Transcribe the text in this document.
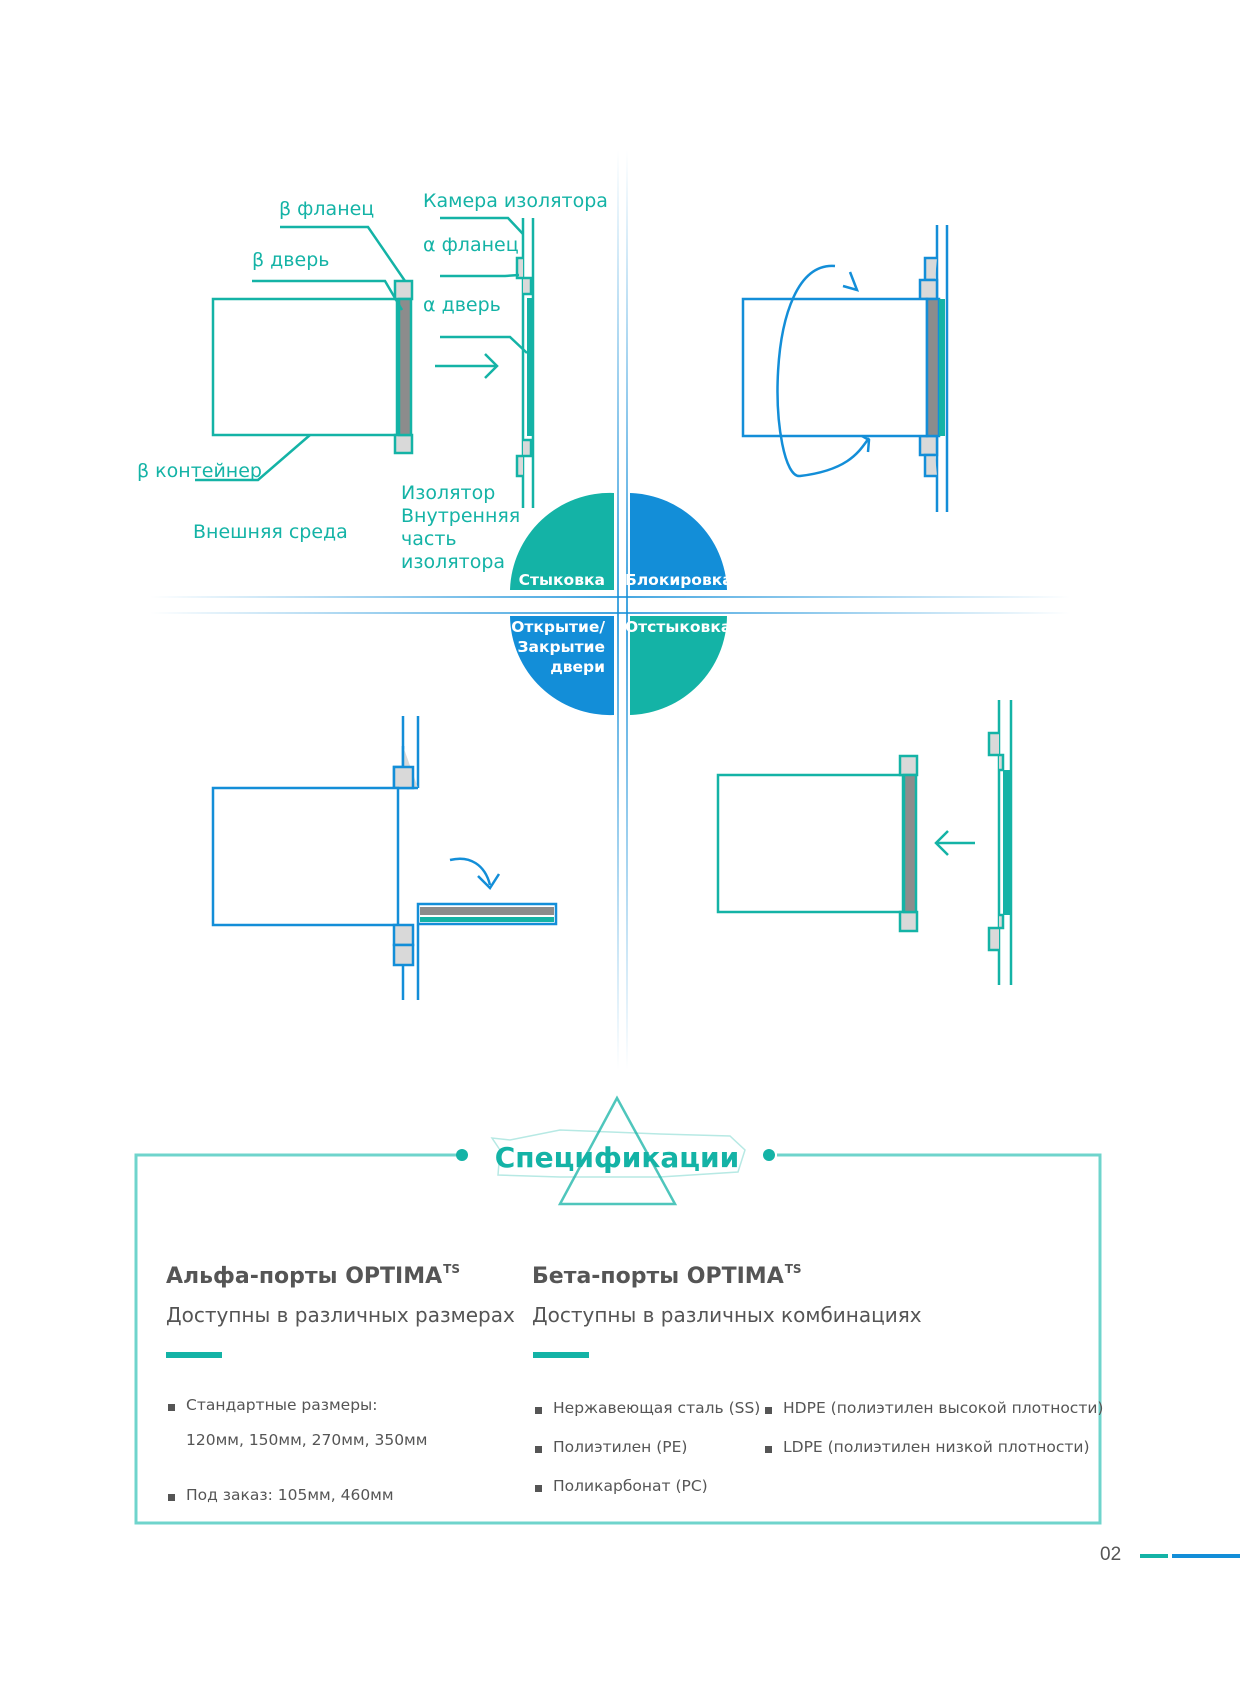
Стыковка Блокировка
Открытие/
Закрытие
двери
Отстыковка
β фланец
β дверь
β контейнер
Внешняя среда
Камера изолятора
α фланец
α дверь
Изолятор
Внутренняя
часть
изолятора
Спецификации
Альфа-порты $OPTIMA^{TS}$
Доступны в различных размерах
Стандартные размеры:
120мм, 150мм, 270мм, 350мм
Под заказ: 105мм, 460мм
Бета-порты $OPTIMA^{TS}$
Доступны в различных комбинациях
Нержавеющая сталь (SS)
Полиэтилен (PE)
Поликарбонат (PC)
HDPE (полиэтилен высокой плотности)
LDPE (полиэтилен низкой плотности)
02
